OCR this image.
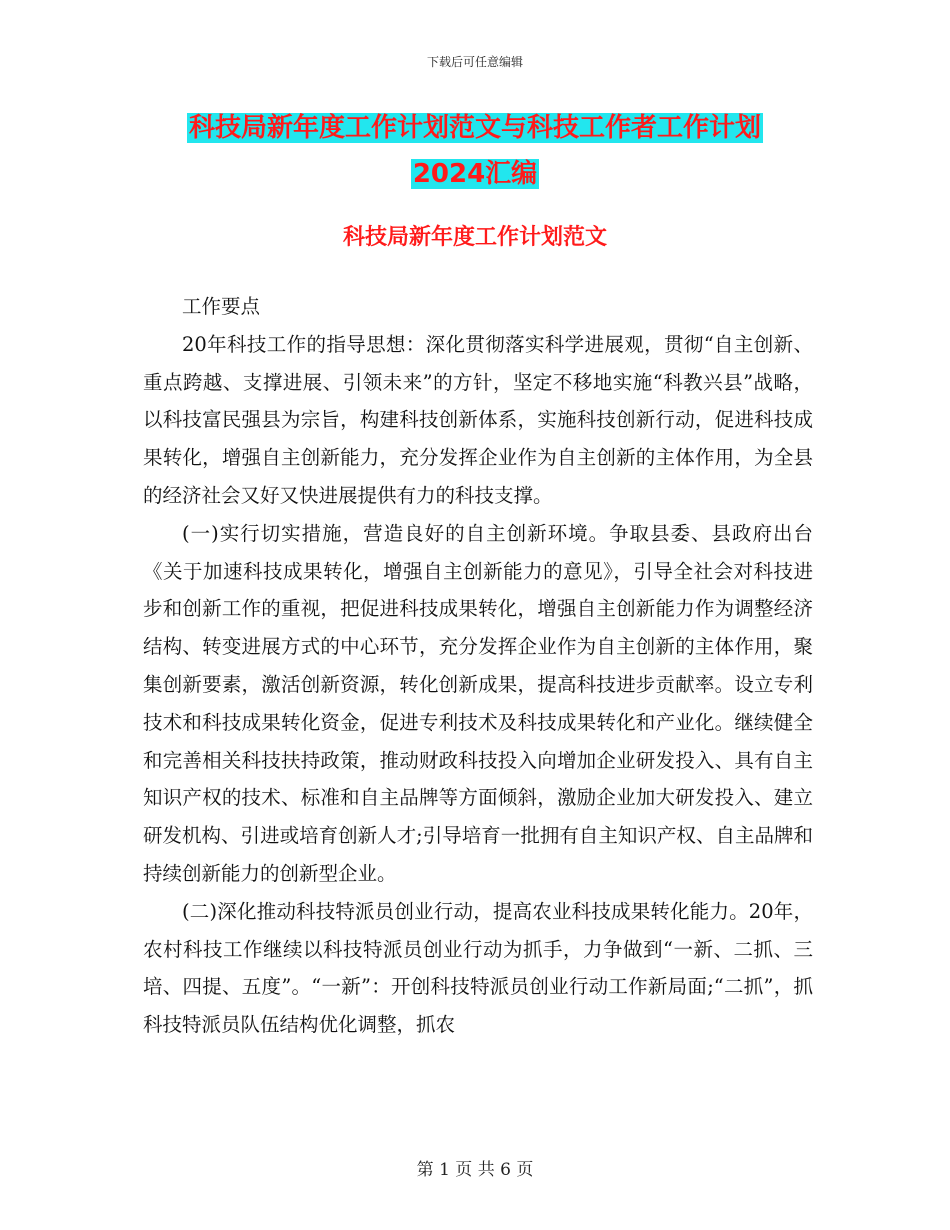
下载后可任意编辑
科技局新年度工作计划范文与科技工作者工作计划
2024汇编
科技局新年度工作计划范文

工作要点

20年科技工作的指导思想：深化贯彻落实科学进展观，贯彻“自主创新、重点跨越、支撑进展、引领未来”的方针，坚定不移地实施“科教兴县”战略，以科技富民强县为宗旨，构建科技创新体系，实施科技创新行动，促进科技成果转化，增强自主创新能力，充分发挥企业作为自主创新的主体作用，为全县的经济社会又好又快进展提供有力的科技支撑。

(一)实行切实措施，营造良好的自主创新环境。争取县委、县政府出台《关于加速科技成果转化，增强自主创新能力的意见》，引导全社会对科技进步和创新工作的重视，把促进科技成果转化，增强自主创新能力作为调整经济结构、转变进展方式的中心环节，充分发挥企业作为自主创新的主体作用，聚集创新要素，激活创新资源，转化创新成果，提高科技进步贡献率。设立专利技术和科技成果转化资金，促进专利技术及科技成果转化和产业化。继续健全和完善相关科技扶持政策，推动财政科技投入向增加企业研发投入、具有自主知识产权的技术、标准和自主品牌等方面倾斜，激励企业加大研发投入、建立研发机构、引进或培育创新人才;引导培育一批拥有自主知识产权、自主品牌和持续创新能力的创新型企业。

(二)深化推动科技特派员创业行动，提高农业科技成果转化能力。20年，农村科技工作继续以科技特派员创业行动为抓手，力争做到“一新、二抓、三培、四提、五度”。“一新”：开创科技特派员创业行动工作新局面;“二抓”，抓科技特派员队伍结构优化调整，抓农

第 1 页 共 6 页
